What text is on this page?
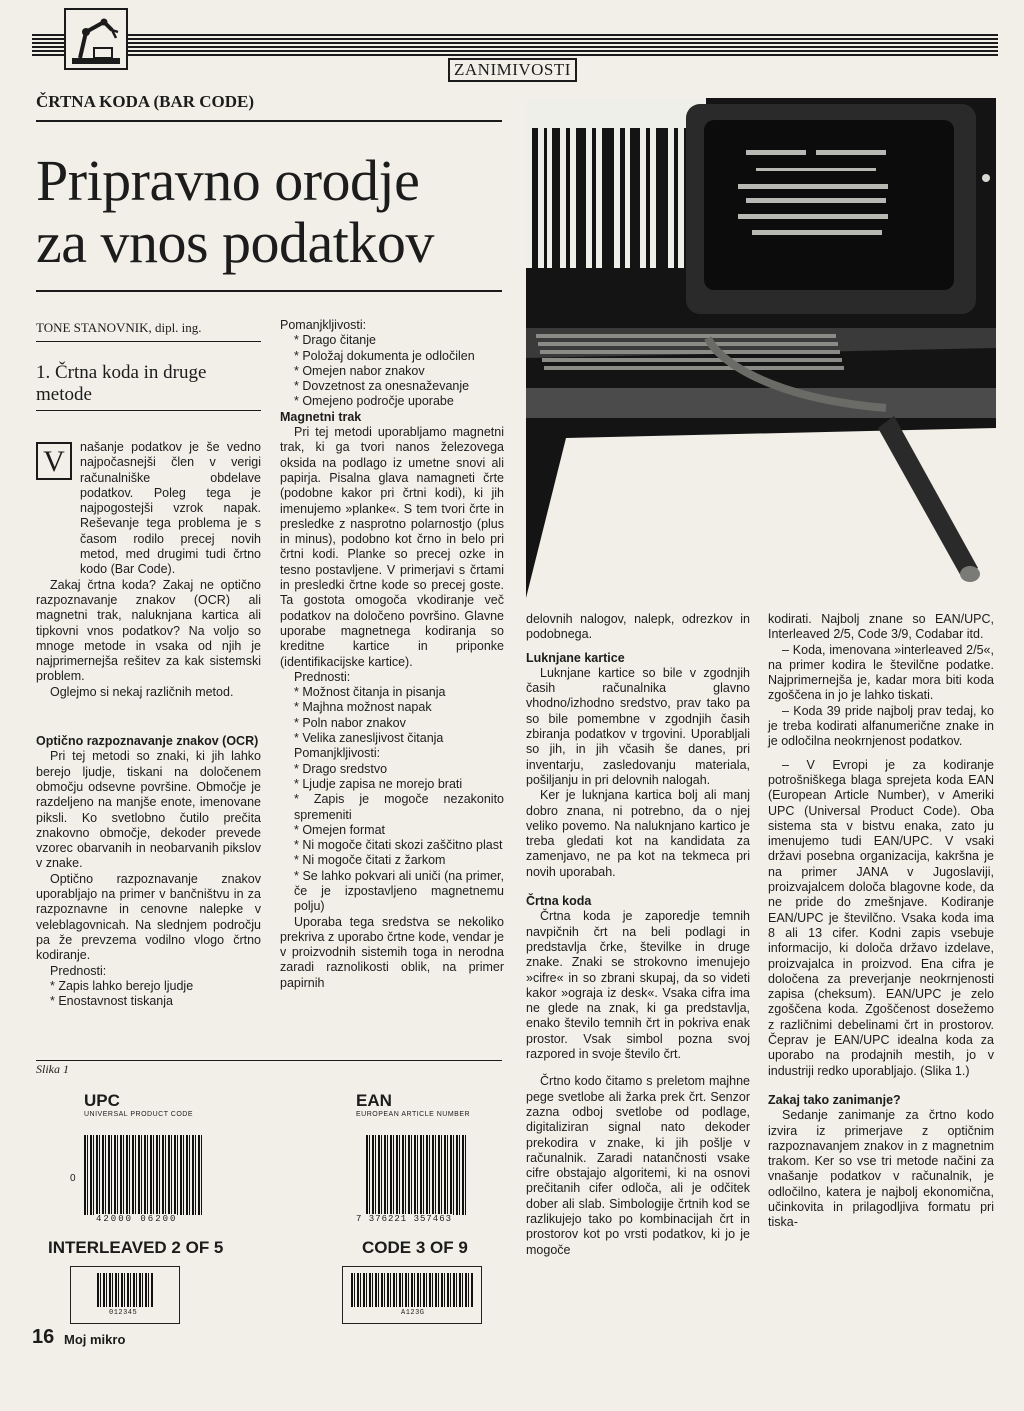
ZANIMIVOSTI
ČRTNA KODA (BAR CODE)
Pripravno orodje
za vnos podatkov
TONE STANOVNIK, dipl. ing.
1. Črtna koda in druge metode
V	našanje podatkov je še vedno najpočasnejši člen v verigi računalniške obdelave podatkov. Poleg tega je najpogostejši vzrok napak. Reševanje tega problema je s časom rodilo precej novih metod, med drugimi tudi črtno kodo (Bar Code).

Zakaj črtna koda? Zakaj ne optično razpoznavanje znakov (OCR) ali magnetni trak, naluknjana kartica ali tipkovni vnos podatkov? Na voljo so mnoge metode in vsaka od njih je najprimernejša rešitev za kak sistemski problem.

Oglejmo si nekaj različnih metod.

Optično razpoznavanje znakov (OCR)

Pri tej metodi so znaki, ki jih lahko berejo ljudje, tiskani na določenem območju odsevne površine. Območje je razdeljeno na manjše enote, imenovane piksli. Ko svetlobno čutilo prečita znakovno območje, dekoder prevede vzorec obarvanih in neobarvanih pikslov v znake.

Optično razpoznavanje znakov uporabljajo na primer v bančništvu in za razpoznavne in cenovne nalepke v veleblagovnicah. Na slednjem področju pa že prevzema vodilno vlogo črtno kodiranje.

Prednosti:

* Zapis lahko berejo ljudje

* Enostavnost tiskanja

Pomanjkljivosti:

* Drago čitanje

* Položaj dokumenta je odločilen

* Omejen nabor znakov

* Dovzetnost za onesnaževanje

* Omejeno področje uporabe

Magnetni trak

Pri tej metodi uporabljamo magnetni trak, ki ga tvori nanos železovega oksida na podlago iz umetne snovi ali papirja. Pisalna glava namagneti črte (podobne kakor pri črtni kodi), ki jih imenujemo »planke«. S tem tvori črte in presledke z nasprotno polarnostjo (plus in minus), podobno kot črno in belo pri črtni kodi. Planke so precej ozke in tesno postavljene. V primerjavi s črtami in presledki črtne kode so precej goste. Ta gostota omogoča vkodiranje več podatkov na določeno površino. Glavne uporabe magnetnega kodiranja so kreditne kartice in priponke (identifikacijske kartice).

Prednosti:

* Možnost čitanja in pisanja

* Majhna možnost napak

* Poln nabor znakov

* Velika zanesljivost čitanja

Pomanjkljivosti:

* Drago sredstvo

* Ljudje zapisa ne morejo brati

* Zapis je mogoče nezakonito spremeniti

* Omejen format

* Ni mogoče čitati skozi zaščitno plast

* Ni mogoče čitati z žarkom

* Se lahko pokvari ali uniči (na primer, če je izpostavljeno magnetnemu polju)

Uporaba tega sredstva se nekoliko prekriva z uporabo črtne kode, vendar je v proizvodnih sistemih toga in nerodna zaradi raznolikosti oblik, na primer papirnih

delovnih nalogov, nalepk, odrezkov in podobnega.

Luknjane kartice

Luknjane kartice so bile v zgodnjih časih računalnika glavno vhodno/izhodno sredstvo, prav tako pa so bile pomembne v zgodnjih časih zbiranja podatkov v trgovini. Uporabljali so jih, in jih včasih še danes, pri inventarju, zasledovanju materiala, pošiljanju in pri delovnih nalogah.

Ker je luknjana kartica bolj ali manj dobro znana, ni potrebno, da o njej veliko povemo. Na naluknjano kartico je treba gledati kot na kandidata za zamenjavo, ne pa kot na tekmeca pri novih uporabah.

Črtna koda

Črtna koda je zaporedje temnih navpičnih črt na beli podlagi in predstavlja črke, številke in druge znake. Znaki se strokovno imenujejo »cifre« in so zbrani skupaj, da so videti kakor »ograja iz desk«. Vsaka cifra ima ne glede na znak, ki ga predstavlja, enako število temnih črt in pokriva enak prostor. Vsak simbol pozna svoj razpored in svoje število črt.

Črtno kodo čitamo s preletom majhne pege svetlobe ali žarka prek črt. Senzor zazna odboj svetlobe od podlage, digitaliziran signal nato dekoder prekodira v znake, ki jih pošlje v računalnik. Zaradi natančnosti vsake cifre obstajajo algoritemi, ki na osnovi prečitanih cifer odloča, ali je odčitek dober ali slab. Simbologije črtnih kod se razlikujejo tako po kombinacijah črt in prostorov kot po vrsti podatkov, ki jo je mogoče

kodirati. Najbolj znane so EAN/UPC, Interleaved 2/5, Code 3/9, Codabar itd.

– Koda, imenovana »interleaved 2/5«, na primer kodira le številčne podatke. Najprimernejša je, kadar mora biti koda zgoščena in jo je lahko tiskati.

– Koda 39 pride najbolj prav tedaj, ko je treba kodirati alfanumerične znake in je odločilna neokrnjenost podatkov.

– V Evropi je za kodiranje potrošniškega blaga sprejeta koda EAN (European Article Number), v Ameriki UPC (Universal Product Code). Oba sistema sta v bistvu enaka, zato ju imenujemo tudi EAN/UPC. V vsaki državi posebna organizacija, kakršna je na primer JANA v Jugoslaviji, proizvajalcem določa blagovne kode, da ne pride do zmešnjave. Kodiranje EAN/UPC je številčno. Vsaka koda ima 8 ali 13 cifer. Kodni zapis vsebuje informacijo, ki določa državo izdelave, proizvajalca in proizvod. Ena cifra je določena za preverjanje neokrnjenosti zapisa (cheksum). EAN/UPC je zelo zgoščena koda. Zgoščenost dosežemo z različnimi debelinami črt in prostorov. Čeprav je EAN/UPC idealna koda za uporabo na prodajnih mestih, jo v industriji redko uporabljajo. (Slika 1.)

Zakaj tako zanimanje?

Sedanje zanimanje za črtno kodo izvira iz primerjave z optičnim razpoznavanjem znakov in z magnetnim trakom. Ker so vse tri metode načini za vnašanje podatkov v računalnik, je odločilno, katera je najbolj ekonomična, učinkovita in prilagodljiva formatu pri tiska-

Slika 1
UPC
UNIVERSAL PRODUCT CODE
0
42000 06200
EAN
EUROPEAN ARTICLE NUMBER
7 376221 357463
INTERLEAVED 2 OF 5
012345
CODE 3 OF 9
A123G
16 Moj mikro
